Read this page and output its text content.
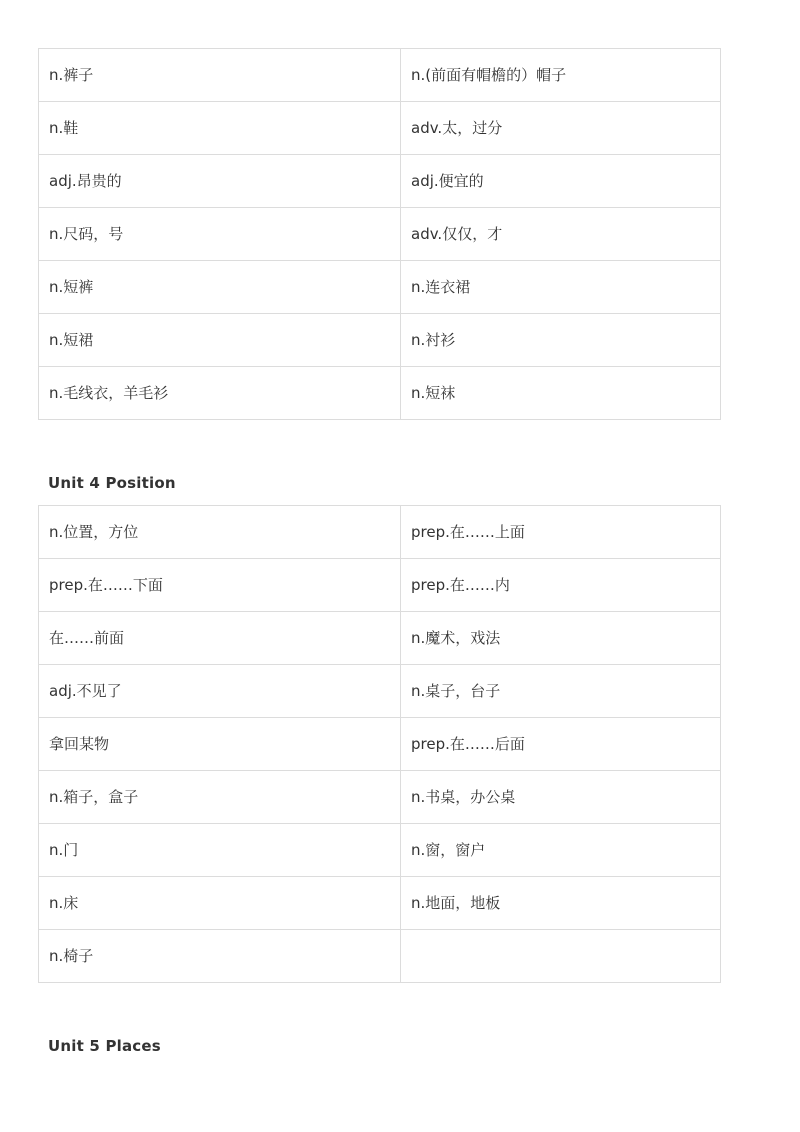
n.裤子	n.(前面有帽檐的）帽子
n.鞋	adv.太，过分
adj.昂贵的	adj.便宜的
n.尺码，号	adv.仅仅，才
n.短裤	n.连衣裙
n.短裙	n.衬衫
n.毛线衣，羊毛衫	n.短袜
Unit 4 Position
n.位置，方位	prep.在……上面
prep.在……下面	prep.在……内
在……前面	n.魔术，戏法
adj.不见了	n.桌子，台子
拿回某物	prep.在……后面
n.箱子，盒子	n.书桌，办公桌
n.门	n.窗，窗户
n.床	n.地面，地板
n.椅子	
Unit 5 Places
